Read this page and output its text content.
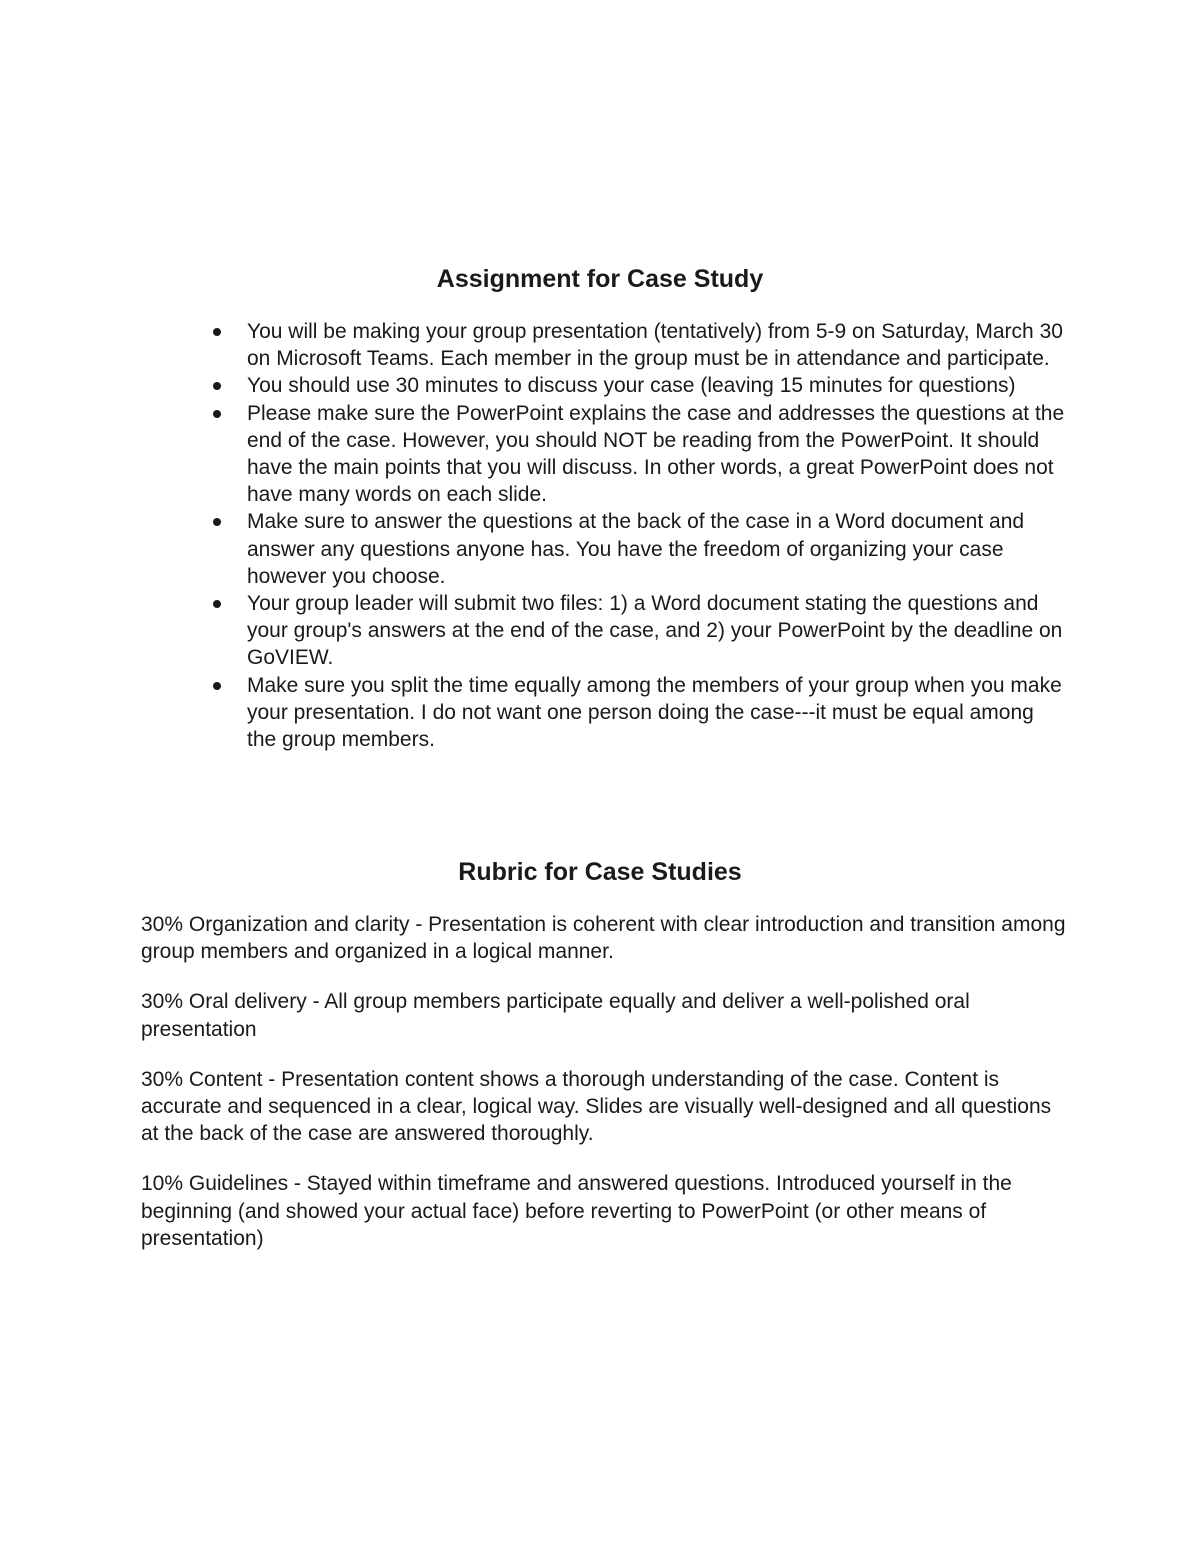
Assignment for Case Study
You will be making your group presentation (tentatively) from 5-9 on Saturday, March 30 on Microsoft Teams. Each member in the group must be in attendance and participate.
You should use 30 minutes to discuss your case (leaving 15 minutes for questions)
Please make sure the PowerPoint explains the case and addresses the questions at the end of the case. However, you should NOT be reading from the PowerPoint. It should have the main points that you will discuss. In other words, a great PowerPoint does not have many words on each slide.
Make sure to answer the questions at the back of the case in a Word document and answer any questions anyone has. You have the freedom of organizing your case however you choose.
Your group leader will submit two files: 1) a Word document stating the questions and your group's answers at the end of the case, and 2) your PowerPoint by the deadline on GoVIEW.
Make sure you split the time equally among the members of your group when you make your presentation. I do not want one person doing the case---it must be equal among the group members.
Rubric for Case Studies

30% Organization and clarity - Presentation is coherent with clear introduction and transition among group members and organized in a logical manner.

30% Oral delivery - All group members participate equally and deliver a well-polished oral presentation

30% Content - Presentation content shows a thorough understanding of the case. Content is accurate and sequenced in a clear, logical way. Slides are visually well-designed and all questions at the back of the case are answered thoroughly.

10% Guidelines - Stayed within timeframe and answered questions. Introduced yourself in the beginning (and showed your actual face) before reverting to PowerPoint (or other means of presentation)
